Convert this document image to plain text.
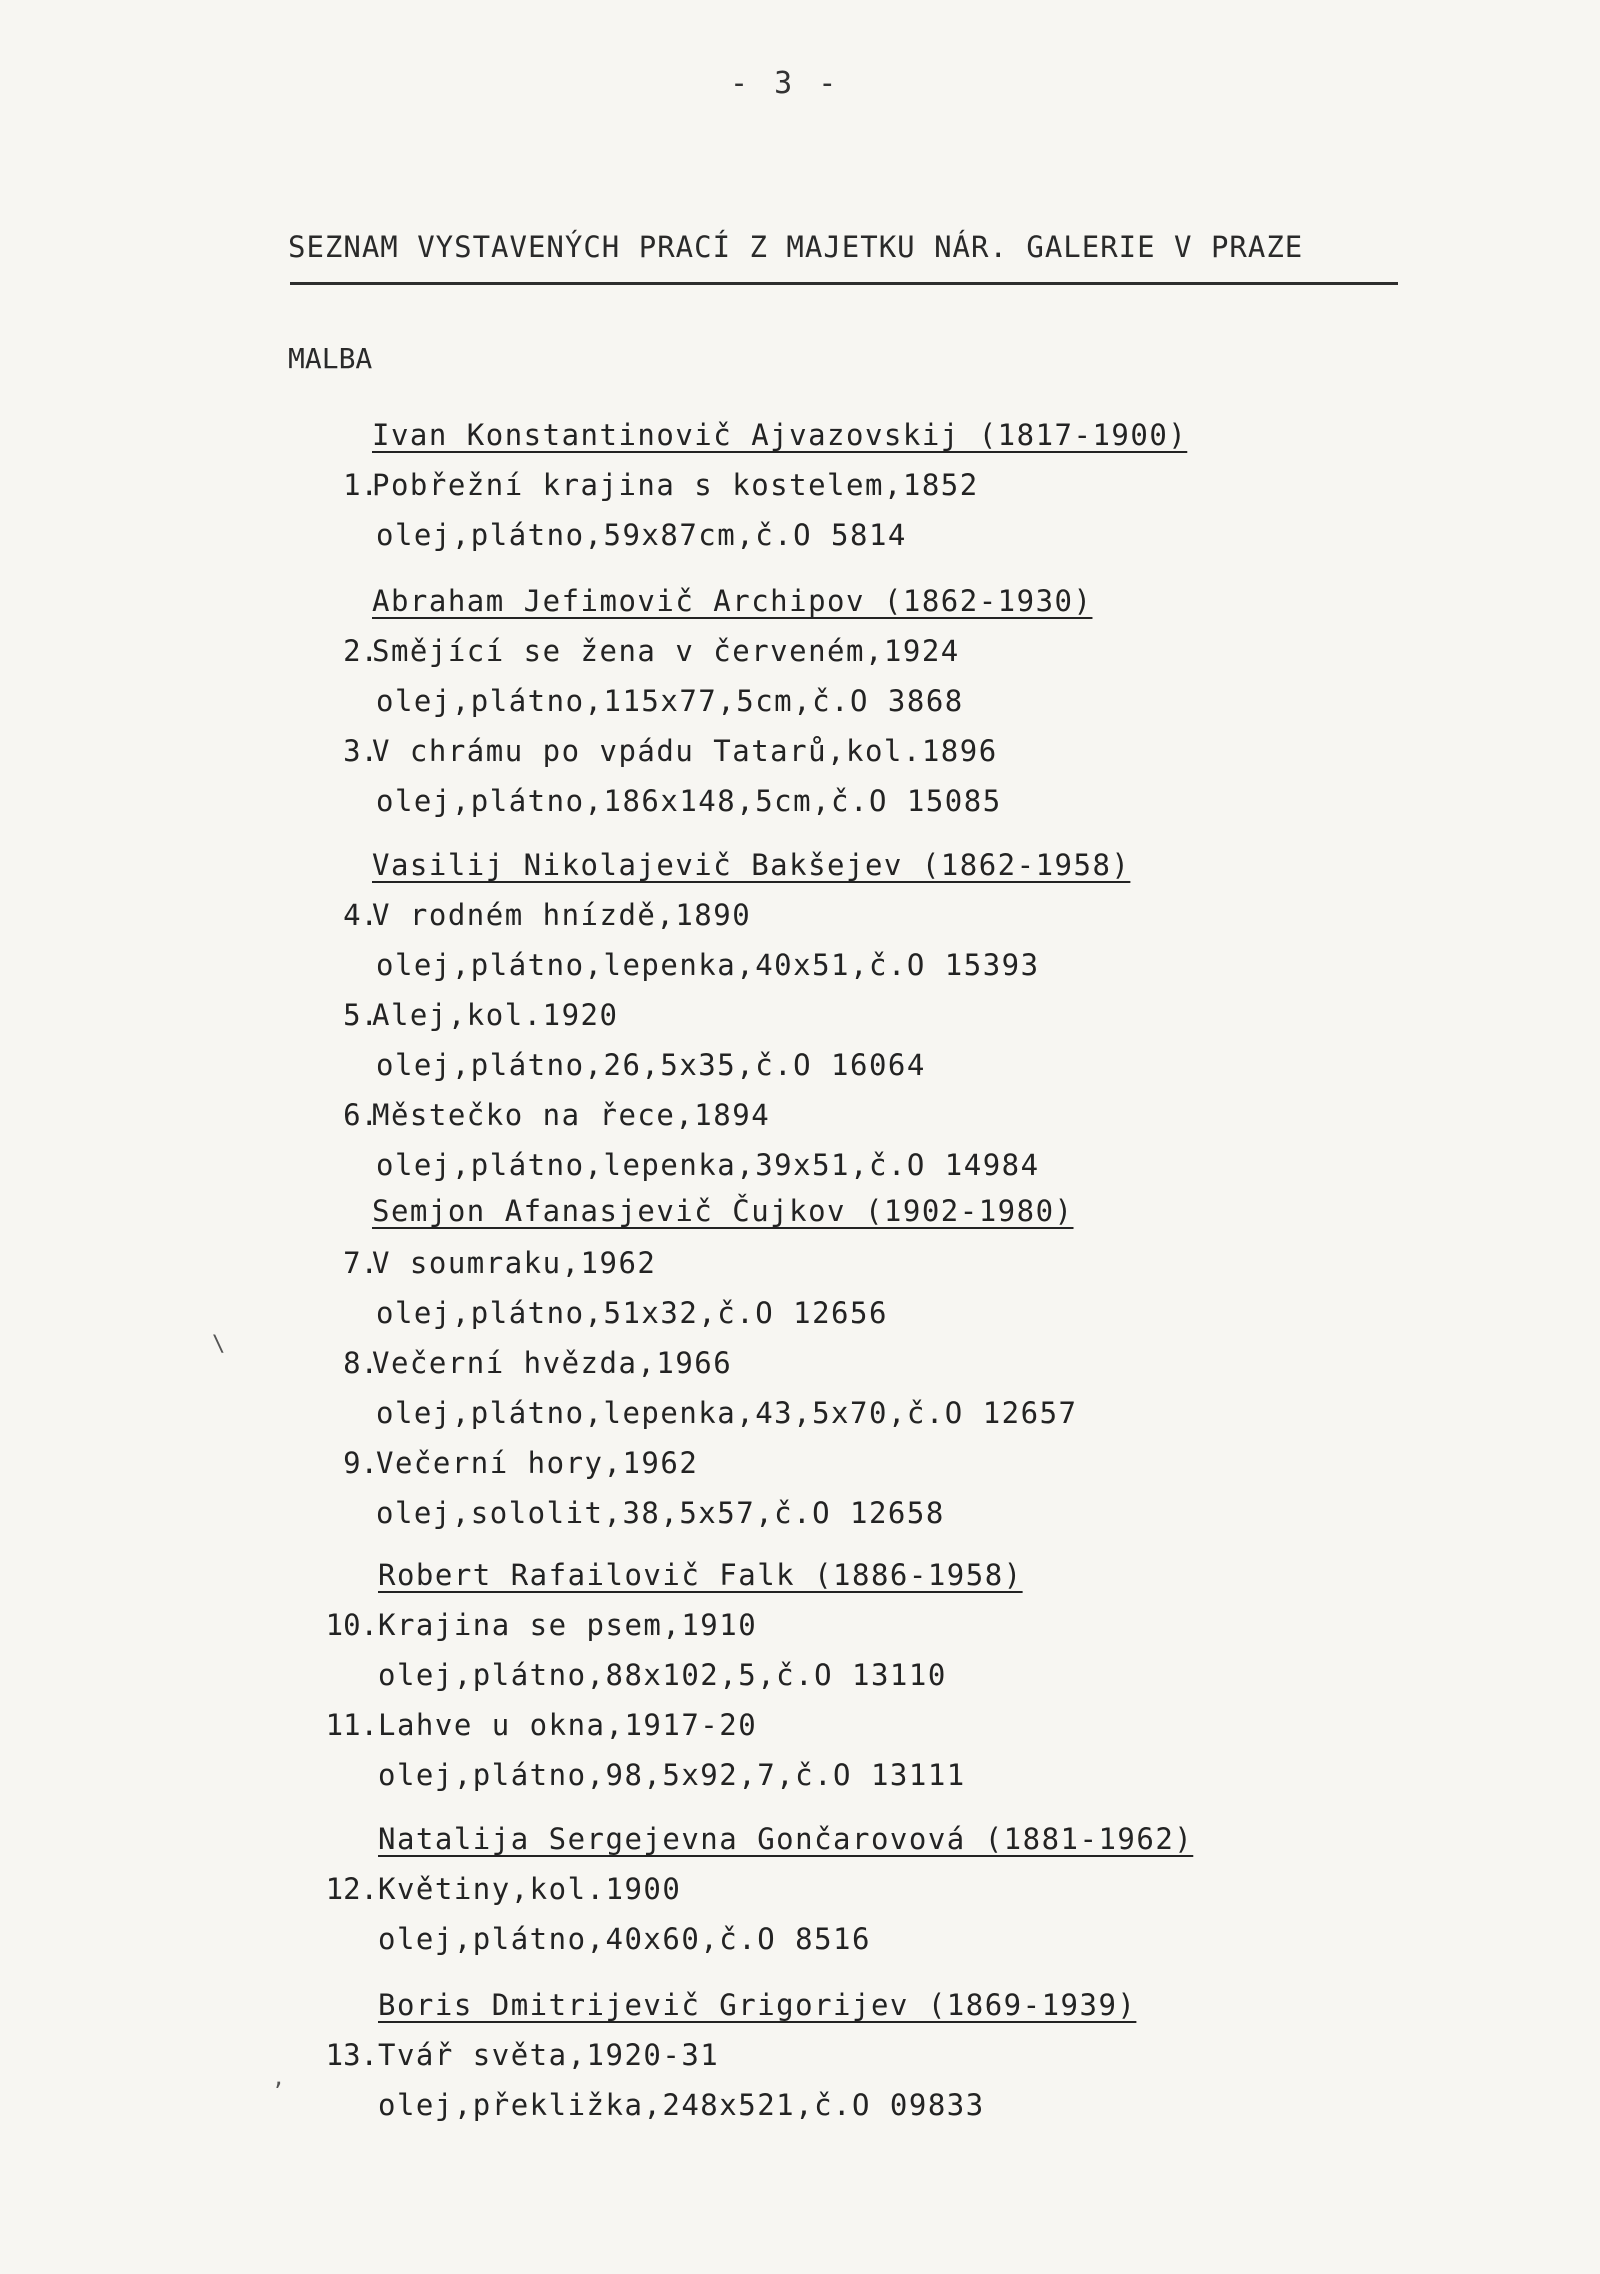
- 3 -
SEZNAM VYSTAVENÝCH PRACÍ Z MAJETKU NÁR. GALERIE V PRAZE
MALBA
Ivan Konstantinovič Ajvazovskij (1817-1900)
1.
Pobřežní krajina s kostelem,1852
olej,plátno,59x87cm,č.O 5814
Abraham Jefimovič Archipov (1862-1930)
2.
Smějící se žena v červeném,1924
olej,plátno,115x77,5cm,č.O 3868
3.
V chrámu po vpádu Tatarů,kol.1896
olej,plátno,186x148,5cm,č.O 15085
Vasilij Nikolajevič Bakšejev (1862-1958)
4.
V rodném hnízdě,1890
olej,plátno,lepenka,40x51,č.O 15393
5.
Alej,kol.1920
olej,plátno,26,5x35,č.O 16064
6.
Městečko na řece,1894
olej,plátno,lepenka,39x51,č.O 14984
Semjon Afanasjevič Čujkov (1902-1980)
7.
V soumraku,1962
olej,plátno,51x32,č.O 12656
8.
Večerní hvězda,1966
olej,plátno,lepenka,43,5x70,č.O 12657
9.
Večerní hory,1962
olej,sololit,38,5x57,č.O 12658
Robert Rafailovič Falk (1886-1958)
10. Krajina se psem,1910
olej,plátno,88x102,5,č.O 13110
11. Lahve u okna,1917-20
olej,plátno,98,5x92,7,č.O 13111
Natalija Sergejevna Gončarovová (1881-1962)
12. Květiny,kol.1900
olej,plátno,40x60,č.O 8516
Boris Dmitrijevič Grigorijev (1869-1939)
13. Tvář světa,1920-31
olej,překližka,248x521,č.O 09833
\
,
